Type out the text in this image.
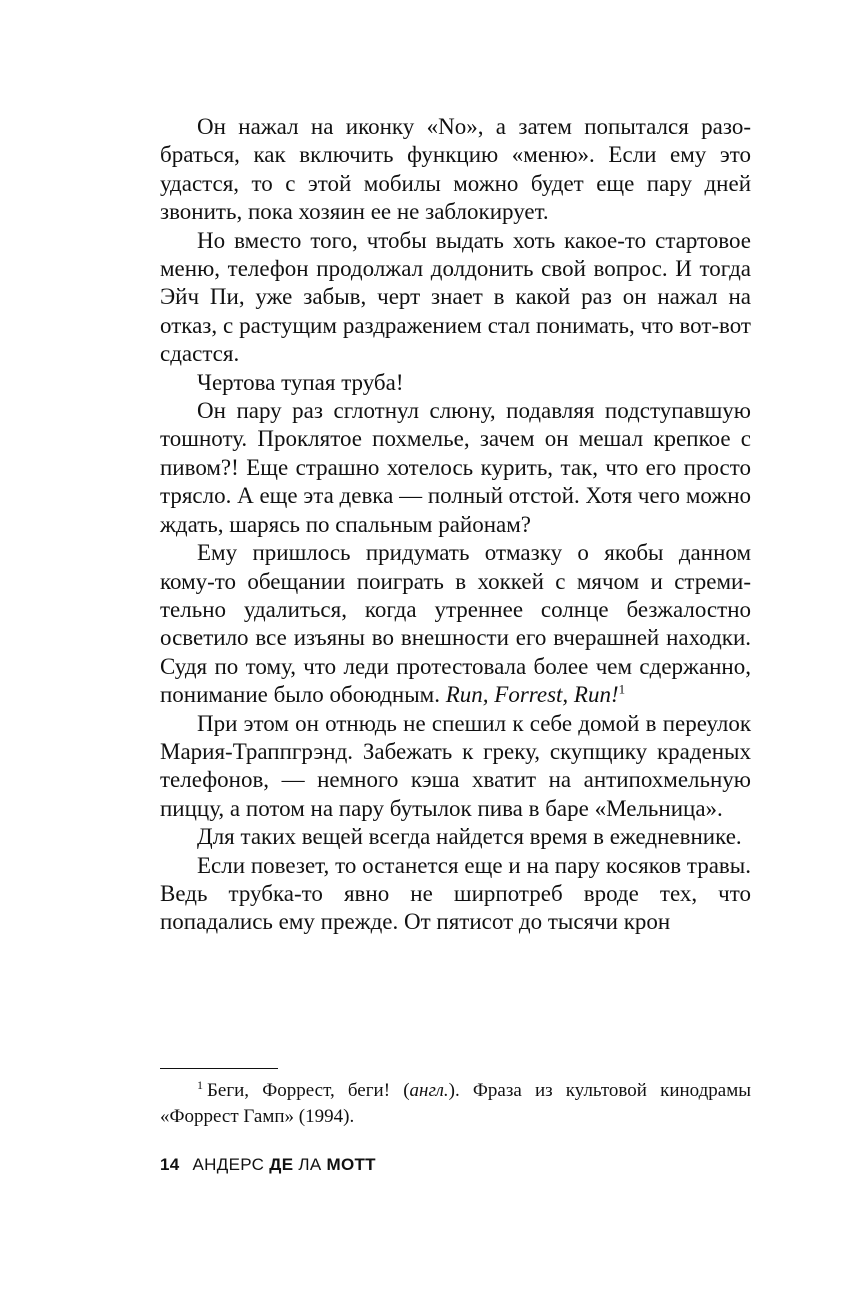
Он нажал на иконку «No», а затем попытался разобраться, как включить функцию «меню». Если ему это удастся, то с этой мобилы можно будет еще пару дней звонить, пока хозяин ее не заблокирует.

Но вместо того, чтобы выдать хоть какое-то стартовое меню, телефон продолжал долдонить свой вопрос. И тогда Эйч Пи, уже забыв, черт знает в какой раз он нажал на отказ, с растущим раздражением стал понимать, что вот-вот сдастся.

Чертова тупая труба!

Он пару раз сглотнул слюну, подавляя подступавшую тошноту. Проклятое похмелье, зачем он мешал крепкое с пивом?! Еще страшно хотелось курить, так, что его просто трясло. А еще эта девка — полный отстой. Хотя чего можно ждать, шарясь по спальным районам?

Ему пришлось придумать отмазку о якобы данном кому-то обещании поиграть в хоккей с мячом и стремительно удалиться, когда утреннее солнце безжалостно осветило все изъяны во внешности его вчерашней находки. Судя по тому, что леди протестовала более чем сдержанно, понимание было обоюдным. Run, Forrest, Run!$^1$

При этом он отнюдь не спешил к себе домой в переулок Мария-Траппгрэнд. Забежать к греку, скупщику краденых телефонов, — немного кэша хватит на антипохмельную пиццу, а потом на пару бутылок пива в баре «Мельница».

Для таких вещей всегда найдется время в ежедневнике.

Если повезет, то останется еще и на пару косяков травы. Ведь трубка-то явно не ширпотреб вроде тех, что попадались ему прежде. От пятисот до тысячи крон

$^1$ Беги, Форрест, беги! (англ.). Фраза из культовой кинодрамы «Форрест Гамп» (1994).

14 АНДЕРС ДЕ ЛА МОТТ
